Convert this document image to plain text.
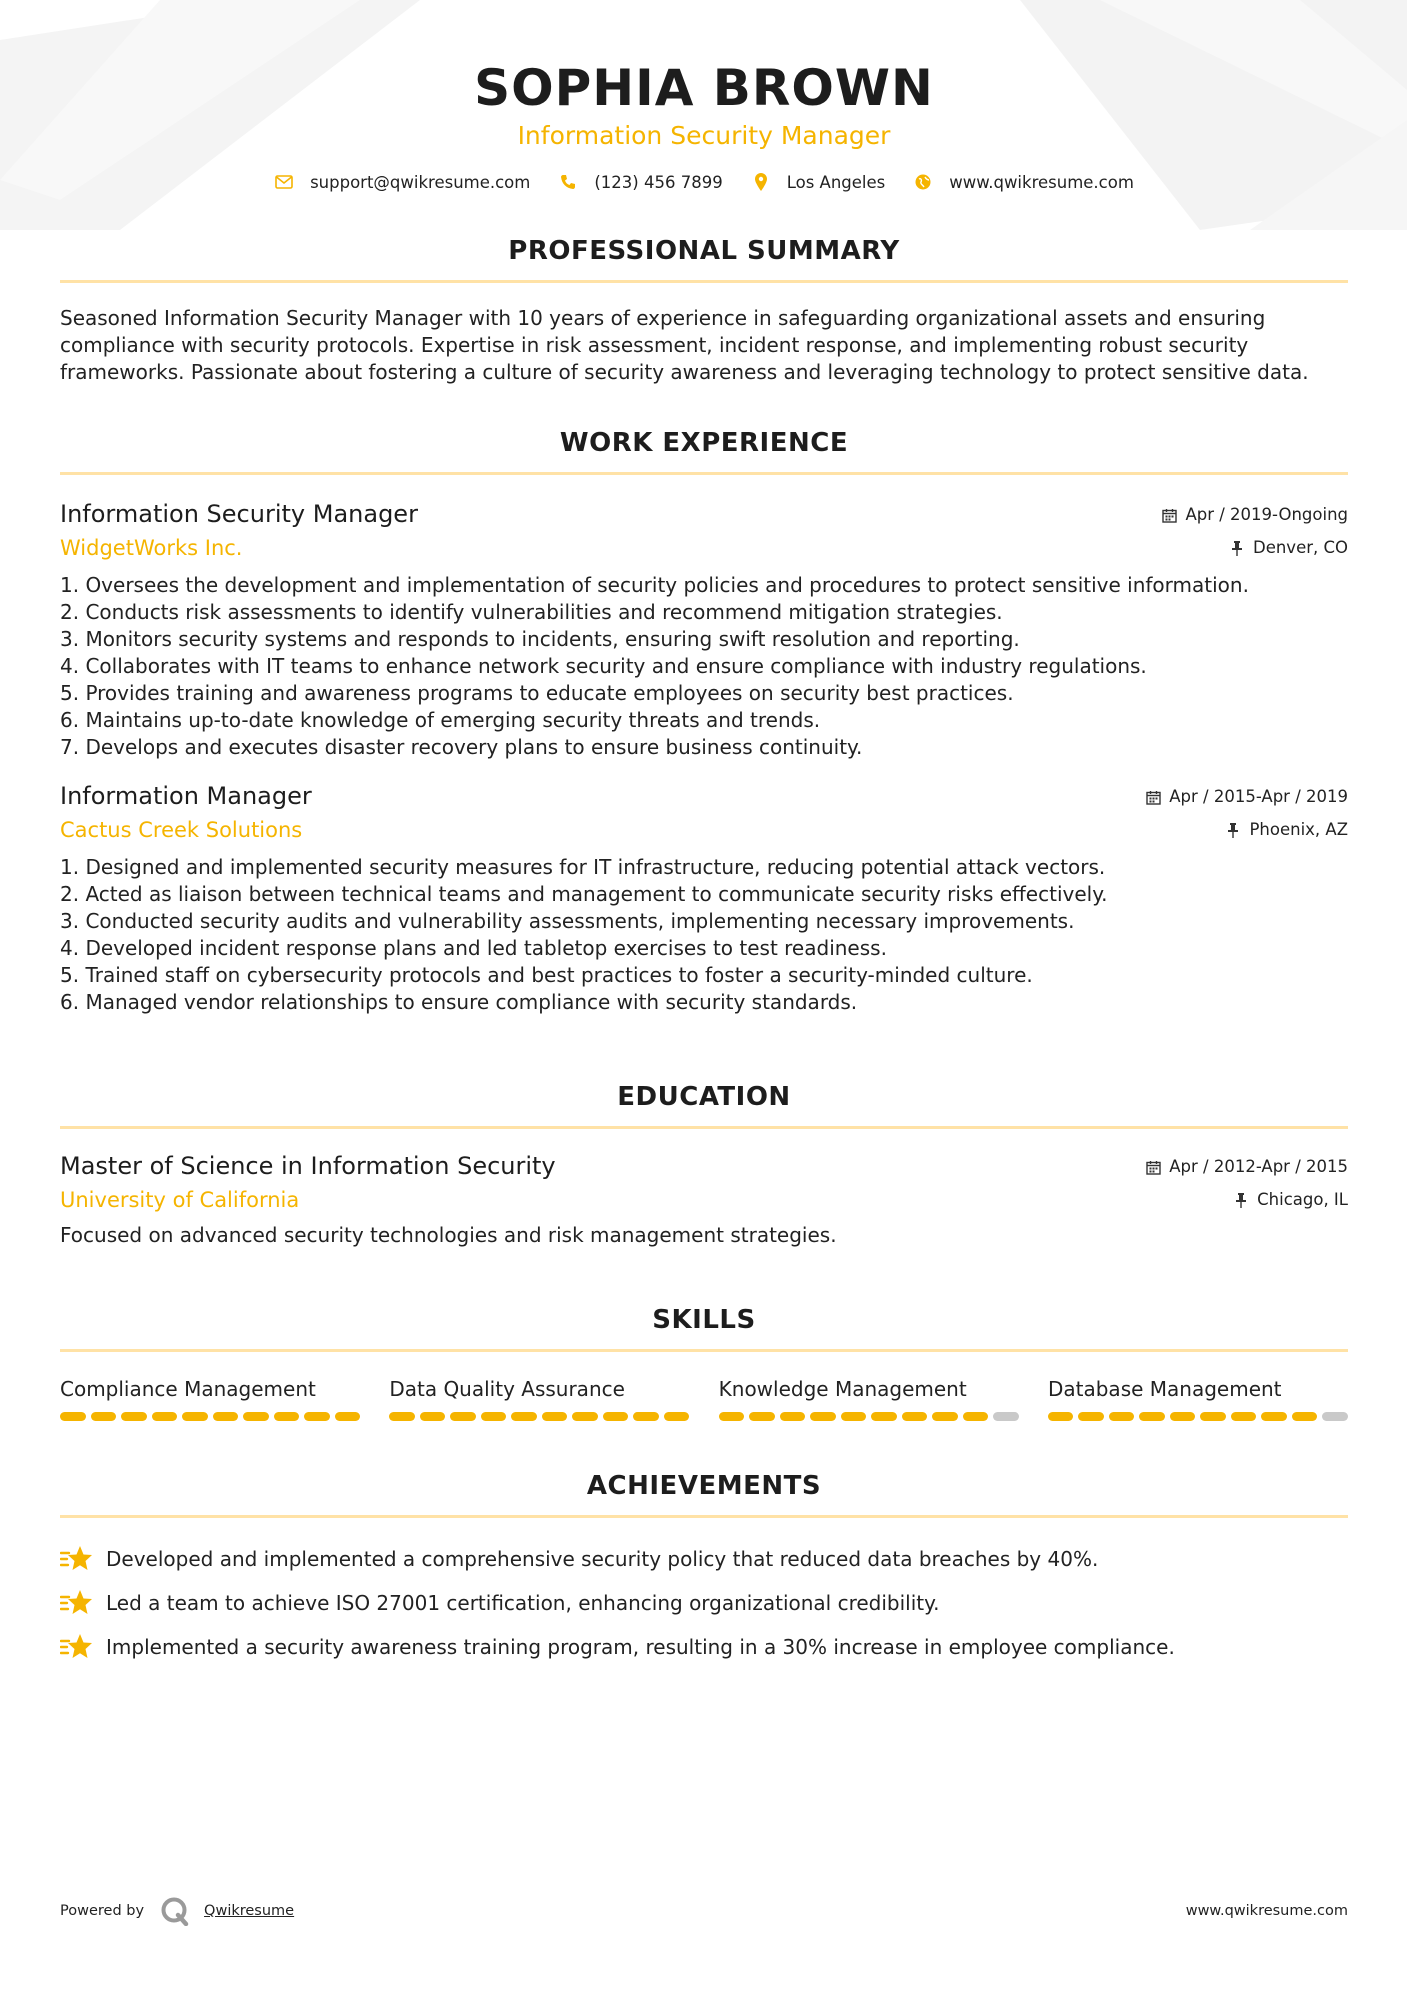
SOPHIA BROWN
Information Security Manager
support@qwikresume.com	(123) 456 7899	Los Angeles	www.qwikresume.com
PROFESSIONAL SUMMARY

Seasoned Information Security Manager with 10 years of experience in safeguarding organizational assets and ensuring compliance with security protocols. Expertise in risk assessment, incident response, and implementing robust security frameworks. Passionate about fostering a culture of security awareness and leveraging technology to protect sensitive data.

WORK EXPERIENCE
Information Security Manager	Apr / 2019-Ongoing
WidgetWorks Inc.	Denver, CO
1. Oversees the development and implementation of security policies and procedures to protect sensitive information.
2. Conducts risk assessments to identify vulnerabilities and recommend mitigation strategies.
3. Monitors security systems and responds to incidents, ensuring swift resolution and reporting.
4. Collaborates with IT teams to enhance network security and ensure compliance with industry regulations.
5. Provides training and awareness programs to educate employees on security best practices.
6. Maintains up-to-date knowledge of emerging security threats and trends.
7. Develops and executes disaster recovery plans to ensure business continuity.
Information Manager	Apr / 2015-Apr / 2019
Cactus Creek Solutions	Phoenix, AZ
1. Designed and implemented security measures for IT infrastructure, reducing potential attack vectors.
2. Acted as liaison between technical teams and management to communicate security risks effectively.
3. Conducted security audits and vulnerability assessments, implementing necessary improvements.
4. Developed incident response plans and led tabletop exercises to test readiness.
5. Trained staff on cybersecurity protocols and best practices to foster a security-minded culture.
6. Managed vendor relationships to ensure compliance with security standards.
EDUCATION
Master of Science in Information Security	Apr / 2012-Apr / 2015
University of California	Chicago, IL

Focused on advanced security technologies and risk management strategies.

SKILLS
Compliance Management	Data Quality Assurance	Knowledge Management	Database Management
ACHIEVEMENTS
Developed and implemented a comprehensive security policy that reduced data breaches by 40%.
Led a team to achieve ISO 27001 certification, enhancing organizational credibility.
Implemented a security awareness training program, resulting in a 30% increase in employee compliance.
Powered by	Qwikresume	www.qwikresume.com
